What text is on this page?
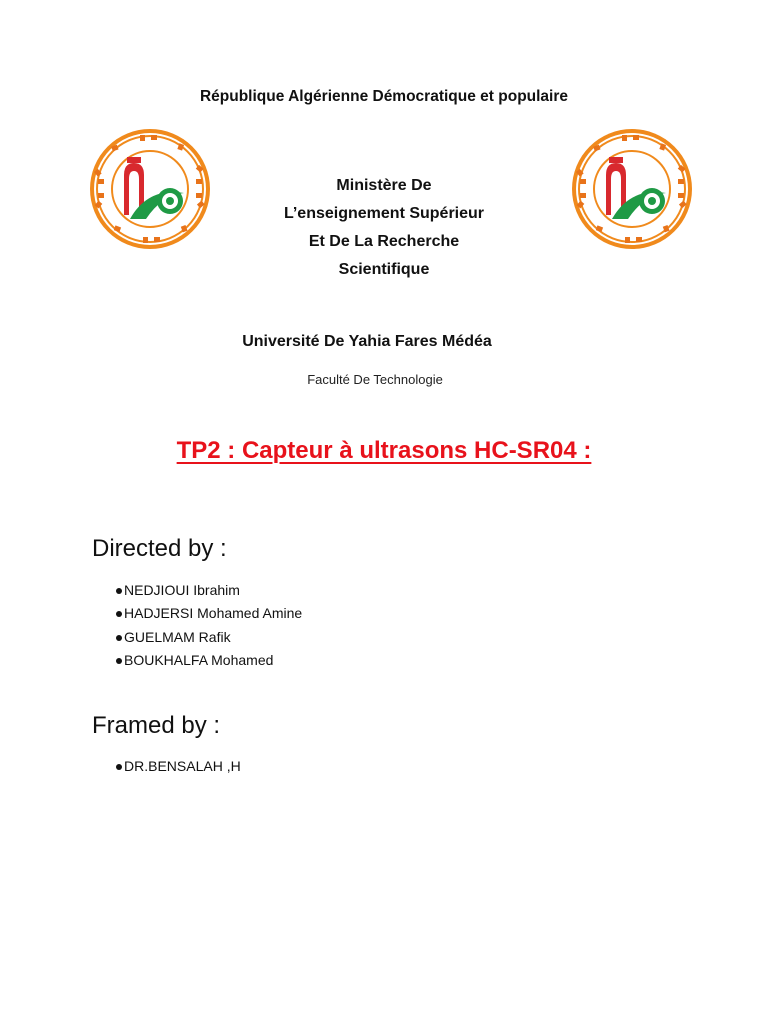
République Algérienne Démocratique et populaire
Ministère De
L’enseignement Supérieur
Et De La Recherche
Scientifique
Université De Yahia Fares Médéa
Faculté De Technologie
TP2 : Capteur à ultrasons HC-SR04 :
Directed by :
NEDJIOUI Ibrahim
HADJERSI Mohamed Amine
GUELMAM Rafik
BOUKHALFA Mohamed
Framed by :
DR.BENSALAH ,H
